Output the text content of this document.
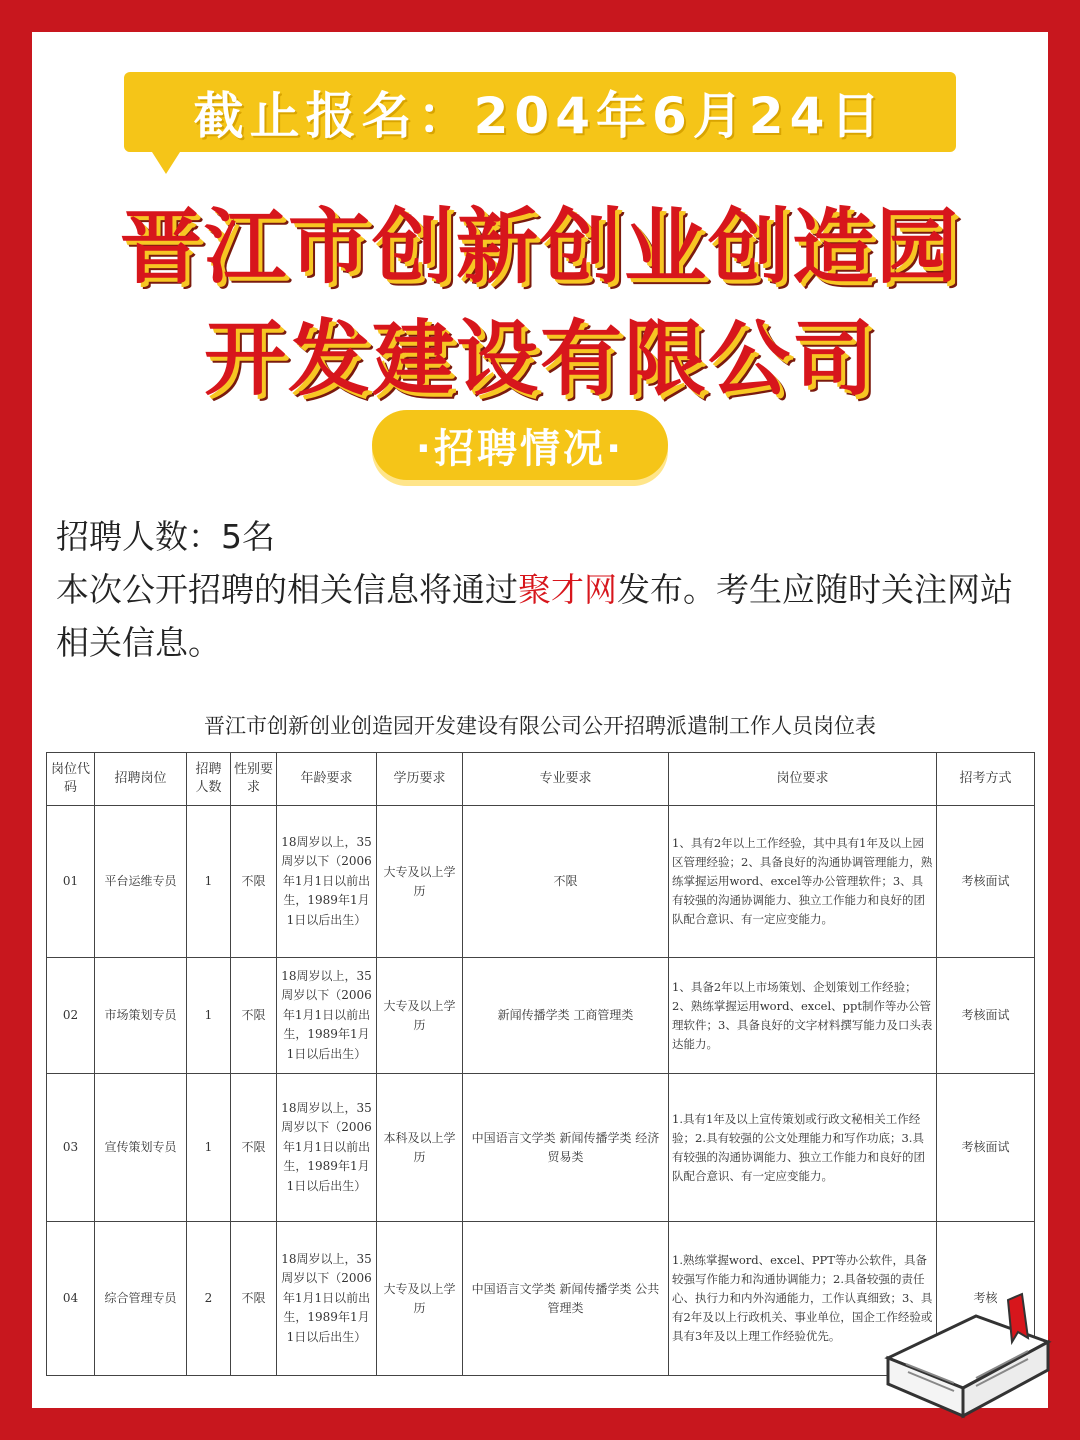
截止报名：204年6月24日
晋江市创新创业创造园
开发建设有限公司
·招聘情况·
招聘人数：5名
本次公开招聘的相关信息将通过聚才网发布。考生应随时关注网站相关信息。
晋江市创新创业创造园开发建设有限公司公开招聘派遣制工作人员岗位表
岗位代码	招聘岗位	招聘人数	性别要求	年龄要求	学历要求	专业要求	岗位要求	招考方式
01	平台运维专员	1	不限	18周岁以上，35周岁以下（2006年1月1日以前出生，1989年1月1日以后出生）	大专及以上学历	不限	1、具有2年以上工作经验，其中具有1年及以上园区管理经验；2、具备良好的沟通协调管理能力，熟练掌握运用word、excel等办公管理软件；3、具有较强的沟通协调能力、独立工作能力和良好的团队配合意识、有一定应变能力。	考核面试
02	市场策划专员	1	不限	18周岁以上，35周岁以下（2006年1月1日以前出生，1989年1月1日以后出生）	大专及以上学历	新闻传播学类 工商管理类	1、具备2年以上市场策划、企划策划工作经验；2、熟练掌握运用word、excel、ppt制作等办公管理软件；3、具备良好的文字材料撰写能力及口头表达能力。	考核面试
03	宣传策划专员	1	不限	18周岁以上，35周岁以下（2006年1月1日以前出生，1989年1月1日以后出生）	本科及以上学历	中国语言文学类 新闻传播学类 经济贸易类	1.具有1年及以上宣传策划或行政文秘相关工作经验；2.具有较强的公文处理能力和写作功底；3.具有较强的沟通协调能力、独立工作能力和良好的团队配合意识、有一定应变能力。	考核面试
04	综合管理专员	2	不限	18周岁以上，35周岁以下（2006年1月1日以前出生，1989年1月1日以后出生）	大专及以上学历	中国语言文学类 新闻传播学类 公共管理类	1.熟练掌握word、excel、PPT等办公软件，具备较强写作能力和沟通协调能力；2.具备较强的责任心、执行力和内外沟通能力，工作认真细致；3、具有2年及以上行政机关、事业单位，国企工作经验或具有3年及以上理工作经验优先。	考核
